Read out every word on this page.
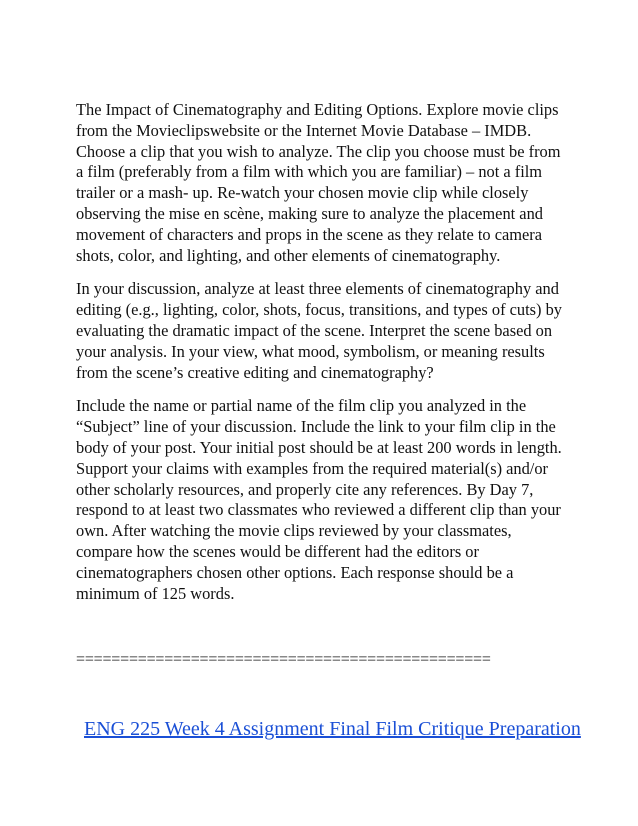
The Impact of Cinematography and Editing Options. Explore movie clips from the Movieclipswebsite or the Internet Movie Database – IMDB. Choose a clip that you wish to analyze. The clip you choose must be from a film (preferably from a film with which you are familiar) – not a film trailer or a mash- up. Re-watch your chosen movie clip while closely observing the mise en scène, making sure to analyze the placement and movement of characters and props in the scene as they relate to camera shots, color, and lighting, and other elements of cinematography.

In your discussion, analyze at least three elements of cinematography and editing (e.g., lighting, color, shots, focus, transitions, and types of cuts) by evaluating the dramatic impact of the scene. Interpret the scene based on your analysis. In your view, what mood, symbolism, or meaning results from the scene’s creative editing and cinematography?

Include the name or partial name of the film clip you analyzed in the “Subject” line of your discussion. Include the link to your film clip in the body of your post. Your initial post should be at least 200 words in length. Support your claims with examples from the required material(s) and/or other scholarly resources, and properly cite any references. By Day 7, respond to at least two classmates who reviewed a different clip than your own. After watching the movie clips reviewed by your classmates, compare how the scenes would be different had the editors or cinematographers chosen other options. Each response should be a minimum of 125 words.

===============================================
ENG 225 Week 4 Assignment Final Film Critique Preparation
